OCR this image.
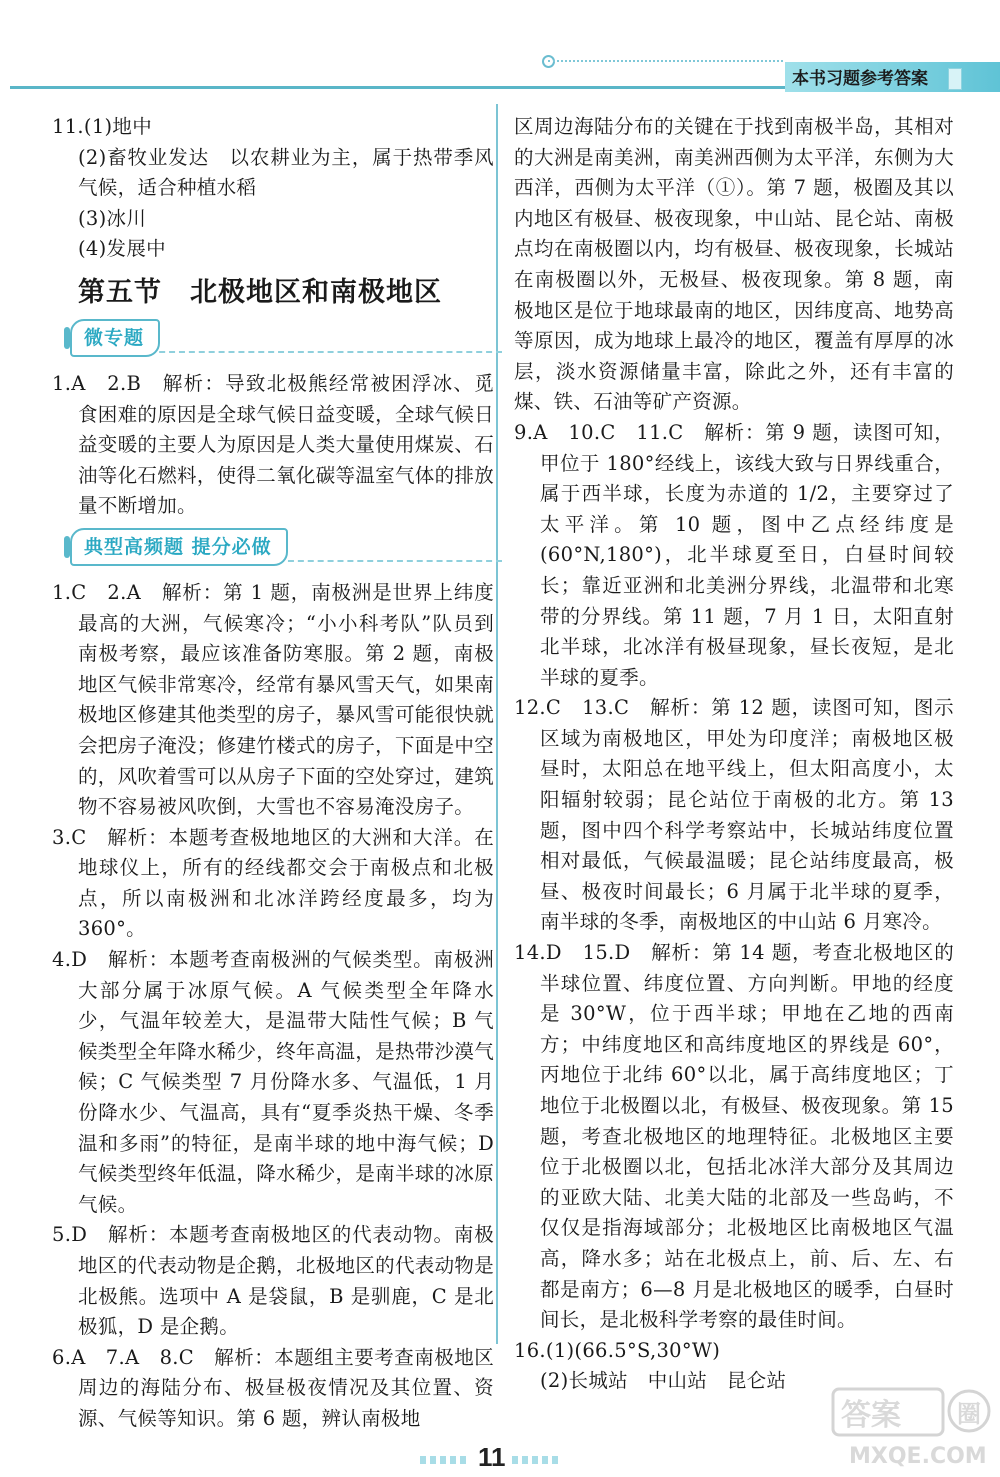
本书习题参考答案

11.(1)地中

(2)畜牧业发达　以农耕业为主，属于热带季风气候，适合种植水稻

(3)冰川

(4)发展中

第五节　北极地区和南极地区
微专题

1.A　2.B　解析：导致北极熊经常被困浮冰、觅食困难的原因是全球气候日益变暖，全球气候日益变暖的主要人为原因是人类大量使用煤炭、石油等化石燃料，使得二氧化碳等温室气体的排放量不断增加。

典型高频题 提分必做

1.C　2.A　解析：第 1 题，南极洲是世界上纬度最高的大洲，气候寒冷；“小小科考队”队员到南极考察，最应该准备防寒服。第 2 题，南极地区气候非常寒冷，经常有暴风雪天气，如果南极地区修建其他类型的房子，暴风雪可能很快就会把房子淹没；修建竹楼式的房子，下面是中空的，风吹着雪可以从房子下面的空处穿过，建筑物不容易被风吹倒，大雪也不容易淹没房子。

3.C　解析：本题考查极地地区的大洲和大洋。在地球仪上，所有的经线都交会于南极点和北极点，所以南极洲和北冰洋跨经度最多，均为 360°。

4.D　解析：本题考查南极洲的气候类型。南极洲大部分属于冰原气候。A 气候类型全年降水少，气温年较差大，是温带大陆性气候；B 气候类型全年降水稀少，终年高温，是热带沙漠气候；C 气候类型 7 月份降水多、气温低，1 月份降水少、气温高，具有“夏季炎热干燥、冬季温和多雨”的特征，是南半球的地中海气候；D 气候类型终年低温，降水稀少，是南半球的冰原气候。

5.D　解析：本题考查南极地区的代表动物。南极地区的代表动物是企鹅，北极地区的代表动物是北极熊。选项中 A 是袋鼠，B 是驯鹿，C 是北极狐，D 是企鹅。

6.A　7.A　8.C　解析：本题组主要考查南极地区周边的海陆分布、极昼极夜情况及其位置、资源、气候等知识。第 6 题，辨认南极地

区周边海陆分布的关键在于找到南极半岛，其相对的大洲是南美洲，南美洲西侧为太平洋，东侧为大西洋，西侧为太平洋（①）。第 7 题，极圈及其以内地区有极昼、极夜现象，中山站、昆仑站、南极点均在南极圈以内，均有极昼、极夜现象，长城站在南极圈以外，无极昼、极夜现象。第 8 题，南极地区是位于地球最南的地区，因纬度高、地势高等原因，成为地球上最冷的地区，覆盖有厚厚的冰层，淡水资源储量丰富，除此之外，还有丰富的煤、铁、石油等矿产资源。

9.A　10.C　11.C　解析：第 9 题，读图可知，甲位于 180°经线上，该线大致与日界线重合，属于西半球，长度为赤道的 1/2，主要穿过了太平洋。第 10 题，图中乙点经纬度是(60°N,180°)，北半球夏至日，白昼时间较长；靠近亚洲和北美洲分界线，北温带和北寒带的分界线。第 11 题，7 月 1 日，太阳直射北半球，北冰洋有极昼现象，昼长夜短，是北半球的夏季。

12.C　13.C　解析：第 12 题，读图可知，图示区域为南极地区，甲处为印度洋；南极地区极昼时，太阳总在地平线上，但太阳高度小，太阳辐射较弱；昆仑站位于南极的北方。第 13 题，图中四个科学考察站中，长城站纬度位置相对最低，气候最温暖；昆仑站纬度最高，极昼、极夜时间最长；6 月属于北半球的夏季，南半球的冬季，南极地区的中山站 6 月寒冷。

14.D　15.D　解析：第 14 题，考查北极地区的半球位置、纬度位置、方向判断。甲地的经度是 30°W，位于西半球；甲地在乙地的西南方；中纬度地区和高纬度地区的界线是 60°，丙地位于北纬 60°以北，属于高纬度地区；丁地位于北极圈以北，有极昼、极夜现象。第 15 题，考查北极地区的地理特征。北极地区主要位于北极圈以北，包括北冰洋大部分及其周边的亚欧大陆、北美大陆的北部及一些岛屿，不仅仅是指海域部分；北极地区比南极地区气温高，降水多；站在北极点上，前、后、左、右都是南方；6—8 月是北极地区的暖季，白昼时间长，是北极科学考察的最佳时间。

16.(1)(66.5°S,30°W)

(2)长城站　中山站　昆仑站

11
答案 圈
MXQE.COM
